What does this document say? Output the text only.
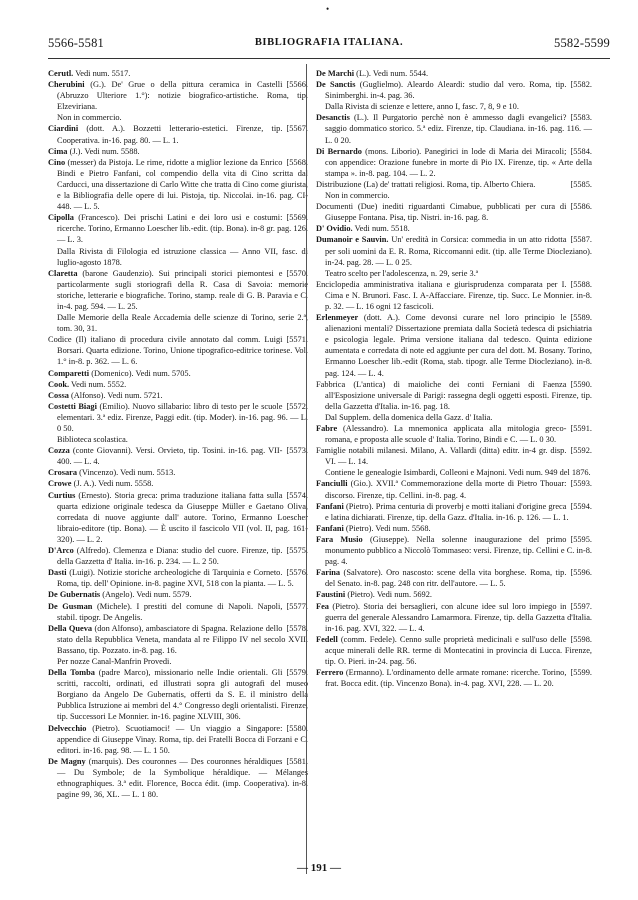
5566-5581	BIBLIOGRAFIA ITALIANA.	5582-5599
•

Cerutl. Vedi num. 5517.

[5566.
Cherubini (G.). De' Grue o della pittura ceramica in Castelli (Abruzzo Ulteriore 1.°): notizie biografico-artistiche. Roma, tip. Elzeviriana.

Non in commercio.

[5567.
Ciardini (dott. A.). Bozzetti letterario-estetici. Firenze, tip. Cooperativa. in-16. pag. 80. — L. 1.

Cima (J.). Vedi num. 5588.

[5568.
Cino (messer) da Pistoja. Le rime, ridotte a miglior lezione da Enrico Bindi e Pietro Fanfani, col compendio della vita di Cino scritta dal Carducci, una dissertazione di Carlo Witte che tratta di Cino come giurista, e la Bibliografia delle opere di lui. Pistoja, tip. Niccolai. in-16. pag. CI-448. — L. 5.

[5569.
Cipolla (Francesco). Dei prischi Latini e dei loro usi e costumi: ricerche. Torino, Ermanno Loescher lib.-edit. (tip. Bona). in-8 gr. pag. 126. — L. 3.

Dalla Rivista di Filologia ed istruzione classica — Anno VII, fasc. di luglio-agosto 1878.

[5570.
Claretta (barone Gaudenzio). Sui principali storici piemontesi e particolarmente sugli storiografi della R. Casa di Savoia: memorie storiche, letterarie e biografiche. Torino, stamp. reale di G. B. Paravia e C. in-4. pag. 594. — L. 25.

Dalle Memorie della Reale Accademia delle scienze di Torino, serie 2.ª, tom. 30, 31.

[5571.
Codice (Il) italiano di procedura civile annotato dal comm. Luigi Borsari. Quarta edizione. Torino, Unione tipografico-editrice torinese. Vol. 1.° in-8. p. 362. — L. 6.

Comparetti (Domenico). Vedi num. 5705.

Cook. Vedi num. 5552.

Cossa (Alfonso). Vedi num. 5721.

[5572.
Costetti Biagi (Emilio). Nuovo sillabario: libro di testo per le scuole elementari. 3.ª ediz. Firenze, Paggi edit. (tip. Moder). in-16. pag. 96. — L. 0 50.

Biblioteca scolastica.

[5573.
Cozza (conte Giovanni). Versi. Orvieto, tip. Tosini. in-16. pag. VII-400. — L. 4.

Crosara (Vincenzo). Vedi num. 5513.

Crowe (J. A.). Vedi num. 5558.

[5574.
Curtius (Ernesto). Storia greca: prima traduzione italiana fatta sulla quarta edizione originale tedesca da Giuseppe Müller e Gaetano Oliva, corredata di nuove aggiunte dall' autore. Torino, Ermanno Loescher libraio-editore (tip. Bona). — È uscito il fascicolo VII (vol. II, pag. 161-320). — L. 2.

[5575.
D'Arco (Alfredo). Clemenza e Diana: studio del cuore. Firenze, tip. della Gazzetta d' Italia. in-16. p. 234. — L. 2 50.

[5576.
Dasti (Luigi). Notizie storiche archeologiche di Tarquinia e Corneto. Roma, tip. dell' Opinione. in-8. pagine XVI, 518 con la pianta. — L. 5.

De Gubernatis (Angelo). Vedi num. 5579.

[5577.
De Gusman (Michele). I prestiti del comune di Napoli. Napoli, stabil. tipogr. De Angelis.

[5578.
Della Queva (don Alfonso), ambasciatore di Spagna. Relazione dello stato della Repubblica Veneta, mandata al re Filippo IV nel secolo XVII. Bassano, tip. Pozzato. in-8. pag. 16.

Per nozze Canal-Manfrin Provedi.

[5579.
Della Tomba (padre Marco), missionario nelle Indie orientali. Gli scritti, raccolti, ordinati, ed illustrati sopra gli autografi del museo Borgiano da Angelo De Gubernatis, offerti da S. E. il ministro della Pubblica Istruzione ai membri del 4.° Congresso degli orientalisti. Firenze, tip. Successori Le Monnier. in-16. pagine XLVIII, 306.

[5580.
Delvecchio (Pietro). Scuotiamoci! — Un viaggio a Singapore: appendice di Giuseppe Vinay. Roma, tip. dei Fratelli Bocca di Forzani e C. editori. in-16. pag. 98. — L. 1 50.

[5581.
De Magny (marquis). Des couronnes — Des couronnes héraldiques — Du Symbole; de la Symbolique héraldique. — Mélanges ethnographiques. 3.ª edit. Florence, Bocca édit. (imp. Cooperativa). in-8. pagine 99, 36, XL. — L. 1 80.

De Marchi (L.). Vedi num. 5544.

[5582.
De Sanctis (Guglielmo). Aleardo Aleardi: studio dal vero. Roma, tip. Sinimberghi. in-4. pag. 36.

Dalla Rivista di scienze e lettere, anno I, fasc. 7, 8, 9 e 10.

[5583.
Desanctis (L.). Il Purgatorio perchè non è ammesso dagli evangelici? saggio dommatico storico. 5.ª ediz. Firenze, tip. Claudiana. in-16. pag. 116. — L. 0 20.

[5584.
Di Bernardo (mons. Liborio). Panegirici in lode di Maria dei Miracoli; con appendice: Orazione funebre in morte di Pio IX. Firenze, tip. « Arte della stampa ». in-8. pag. 104. — L. 2.

[5585.
Distribuzione (La) de' trattati religiosi. Roma, tip. Alberto Chiera.

Non in commercio.

[5586.
Documenti (Due) inediti riguardanti Cimabue, pubblicati per cura di Giuseppe Fontana. Pisa, tip. Nistri. in-16. pag. 8.

D' Ovidio. Vedi num. 5518.

[5587.
Dumanoir e Sauvin. Un' eredità in Corsica: commedia in un atto ridotta per soli uomini da E. R. Roma, Riccomanni edit. (tip. alle Terme Diocleziano). in-24. pag. 28. — L. 0 25.

Teatro scelto per l'adolescenza, n. 29, serie 3.ª

[5588.
Enciclopedia amministrativa italiana e giurisprudenza comparata per I. Cima e N. Brunori. Fasc. I. A-Affacciare. Firenze, tip. Succ. Le Monnier. in-8. p. 32. — L. 16 ogni 12 fascicoli.

[5589.
Erlenmeyer (dott. A.). Come devonsi curare nel loro principio le alienazioni mentali? Dissertazione premiata dalla Società tedesca di psichiatria e psicologia legale. Prima versione italiana dal tedesco. Quinta edizione aumentata e corredata di note ed aggiunte per cura del dott. M. Bosany. Torino, Ermanno Loescher lib.-edit (Roma, stab. tipogr. alle Terme Diocleziano). in-8. pag. 124. — L. 4.

[5590.
Fabbrica (L'antica) di maioliche dei conti Ferniani di Faenza all'Esposizione universale di Parigi: rassegna degli oggetti esposti. Firenze, tip. della Gazzetta d'Italia. in-16. pag. 18.

Dal Supplem. della domenica della Gazz. d' Italia.

[5591.
Fabre (Alessandro). La mnemonica applicata alla mitologia greco-romana, e proposta alle scuole d' Italia. Torino, Bindi e C. — L. 0 30.

[5592.
Famiglie notabili milanesi. Milano, A. Vallardi (ditta) editr. in-4 gr. disp. VI. — L. 14.

Contiene le genealogie Isimbardi, Colleoni e Majnoni. Vedi num. 949 del 1876.

[5593.
Fanciulli (Gio.). XVII.ª Commemorazione della morte di Pietro Thouar: discorso. Firenze, tip. Cellini. in-8. pag. 4.

[5594.
Fanfani (Pietro). Prima centuria di proverbj e motti italiani d'origine greca e latina dichiarati. Firenze, tip. della Gazz. d'Italia. in-16. p. 126. — L. 1.

Fanfani (Pietro). Vedi num. 5568.

[5595.
Fara Musio (Giuseppe). Nella solenne inaugurazione del primo monumento pubblico a Niccolò Tommaseo: versi. Firenze, tip. Cellini e C. in-8. pag. 4.

[5596.
Farina (Salvatore). Oro nascosto: scene della vita borghese. Roma, tip. del Senato. in-8. pag. 248 con ritr. dell'autore. — L. 5.

Faustini (Pietro). Vedi num. 5692.

[5597.
Fea (Pietro). Storia dei bersaglieri, con alcune idee sul loro impiego in guerra del generale Alessandro Lamarmora. Firenze, tip. della Gazzetta d'Italia. in-16. pag. XVI, 322. — L. 4.

[5598.
Fedell (comm. Fedele). Cenno sulle proprietà medicinali e sull'uso delle acque minerali delle RR. terme di Montecatini in provincia di Lucca. Firenze, tip. O. Pieri. in-24. pag. 56.

[5599.
Ferrero (Ermanno). L'ordinamento delle armate romane: ricerche. Torino, frat. Bocca edit. (tip. Vincenzo Bona). in-4. pag. XVI, 228. — L. 20.

— 191 —
